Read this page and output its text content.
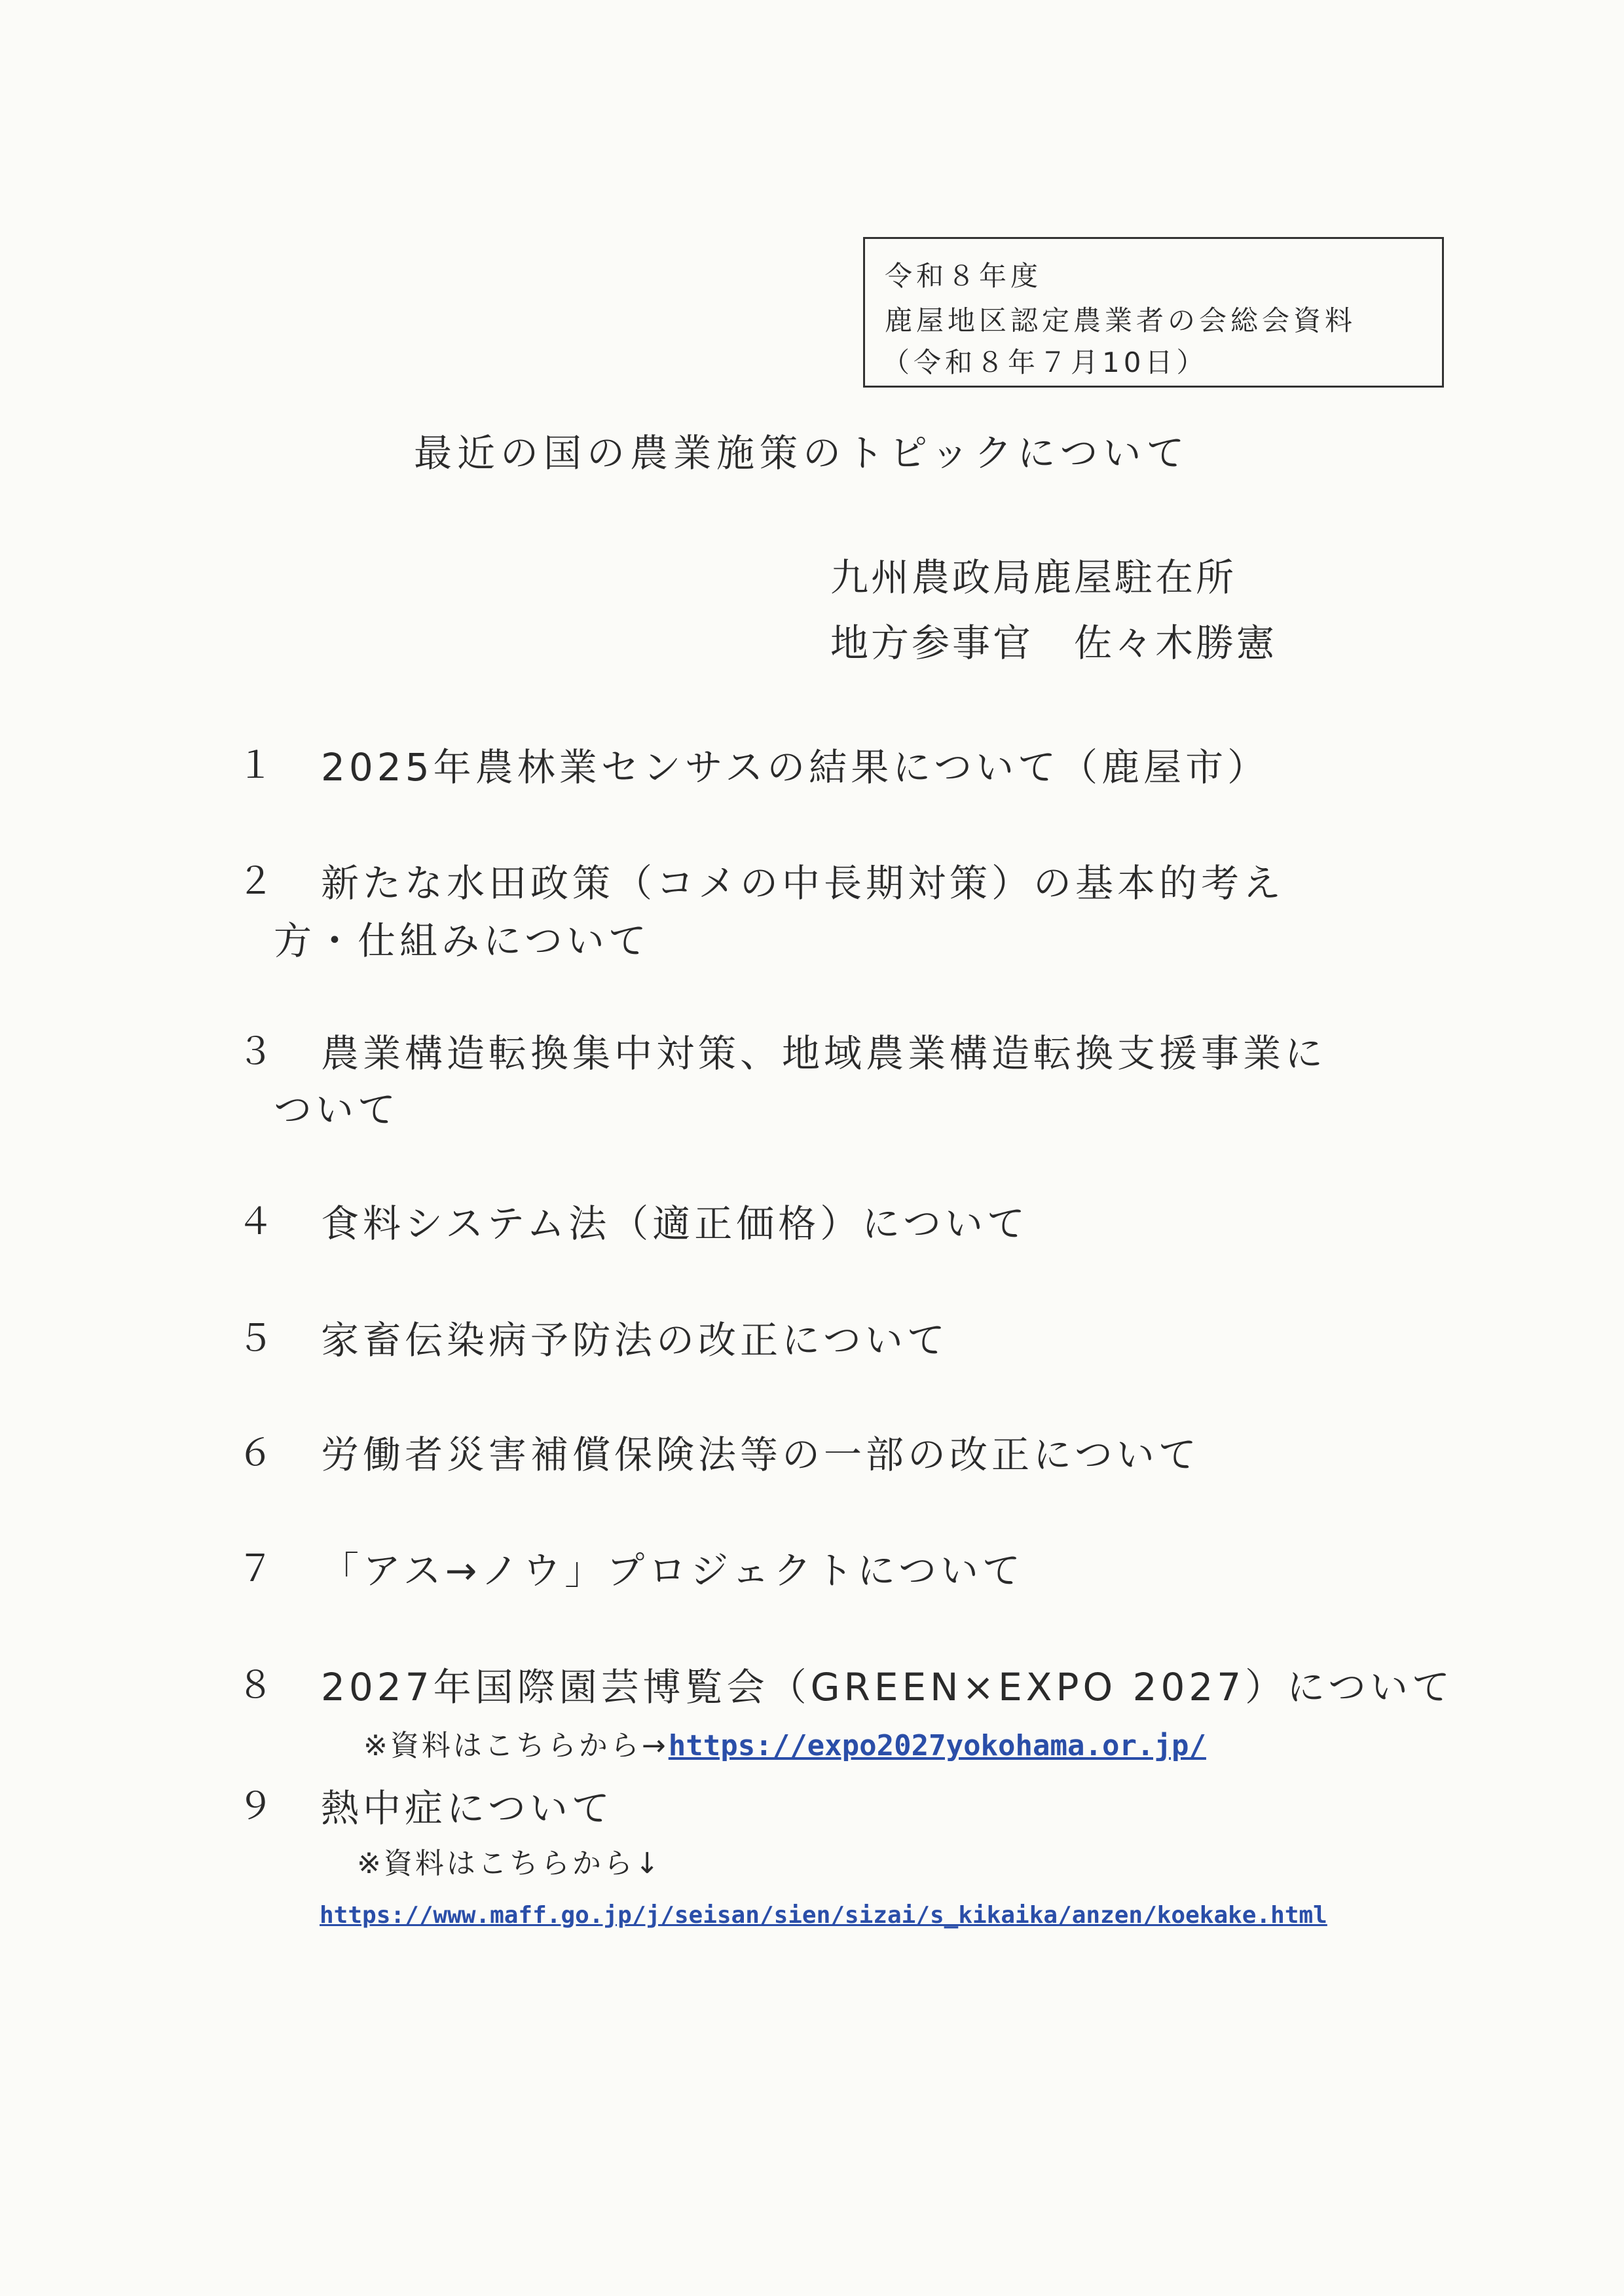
令和８年度
鹿屋地区認定農業者の会総会資料
（令和８年７月10日）
最近の国の農業施策のトピックについて
九州農政局鹿屋駐在所
地方参事官　佐々木勝憲
１ 2025年農林業センサスの結果について（鹿屋市）
２ 新たな水田政策（コメの中長期対策）の基本的考え
方・仕組みについて
３ 農業構造転換集中対策、地域農業構造転換支援事業に
ついて
４ 食料システム法（適正価格）について
５ 家畜伝染病予防法の改正について
６ 労働者災害補償保険法等の一部の改正について
７ 「アス→ノウ」プロジェクトについて
８ 2027年国際園芸博覧会（GREEN×EXPO 2027）について
※資料はこちらから→https://expo2027yokohama.or.jp/
９ 熱中症について
※資料はこちらから↓
https://www.maff.go.jp/j/seisan/sien/sizai/s_kikaika/anzen/koekake.html
